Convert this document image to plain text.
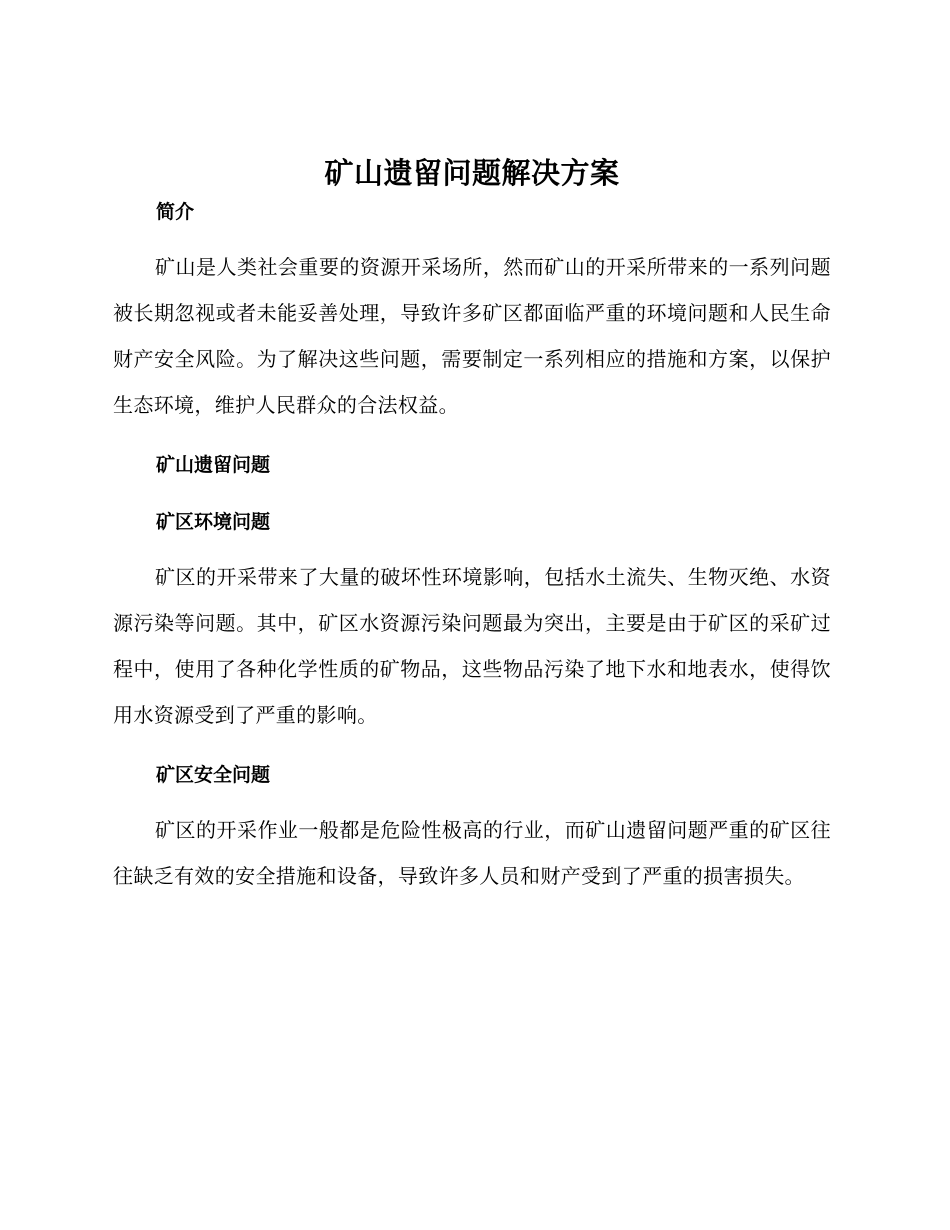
矿山遗留问题解决方案
简介

矿山是人类社会重要的资源开采场所，然而矿山的开采所带来的一系列问题被长期忽视或者未能妥善处理，导致许多矿区都面临严重的环境问题和人民生命财产安全风险。为了解决这些问题，需要制定一系列相应的措施和方案，以保护生态环境，维护人民群众的合法权益。

矿山遗留问题
矿区环境问题

矿区的开采带来了大量的破坏性环境影响，包括水土流失、生物灭绝、水资源污染等问题。其中，矿区水资源污染问题最为突出，主要是由于矿区的采矿过程中，使用了各种化学性质的矿物品，这些物品污染了地下水和地表水，使得饮用水资源受到了严重的影响。

矿区安全问题

矿区的开采作业一般都是危险性极高的行业，而矿山遗留问题严重的矿区往往缺乏有效的安全措施和设备，导致许多人员和财产受到了严重的损害损失。
